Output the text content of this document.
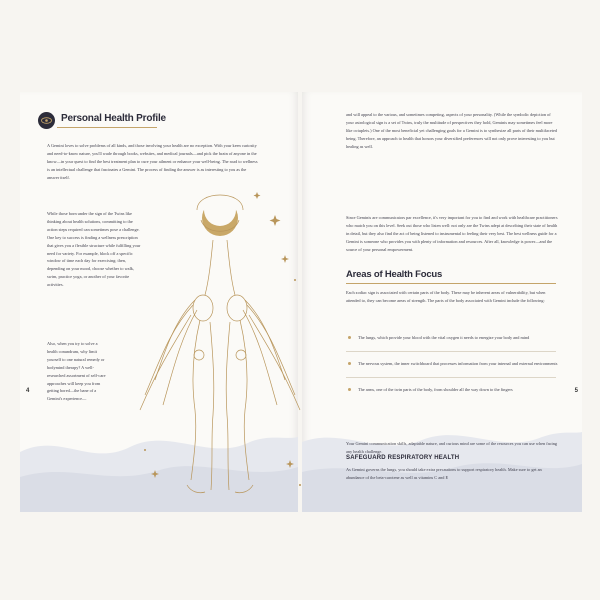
4	5
Personal Health Profile

A Gemini loves to solve problems of all kinds, and those involving your health are no exception. With your keen curiosity and need-to-know nature, you'll wade through books, websites, and medical journals—and pick the brain of anyone in the know—in your quest to find the best treatment plan to cure your ailment or enhance your well-being. The road to wellness is an intellectual challenge that fascinates a Gemini. The process of finding the answer is as interesting to you as the answer itself.

While those born under the sign of the Twins like thinking about health solutions, committing to the action steps required can sometimes pose a challenge. One key to success is finding a wellness prescription that gives you a flexible structure while fulfilling your need for variety. For example, block off a specific window of time each day for exercising; then, depending on your mood, choose whether to walk, swim, practice yoga, or another of your favorite activities.

Also, when you try to solve a health conundrum, why limit yourself to one natural remedy or bodymind therapy? A well-researched assortment of self-care approaches will keep you from getting bored—the bane of a Gemini's experience—

and will appeal to the various, and sometimes competing, aspects of your personality. (While the symbolic depiction of your astrological sign is a set of Twins, truly the multitude of perspectives they hold, Geminis may sometimes feel more like octuplets.) One of the most beneficial yet challenging goals for a Gemini is to synthesize all parts of their multifaceted being. Therefore, an approach to health that honors your diversified preferences will not only prove interesting to you but healing as well.

Since Geminis are communicators par excellence, it's very important for you to find and work with healthcare practitioners who match you on this level. Seek out those who listen well: not only are the Twins adept at describing their state of health in detail, but they also find the act of being listened to instrumental to feeling their very best. The best wellness guide for a Gemini is someone who provides you with plenty of information and resources. After all, knowledge is power—and the source of your personal empowerment.

Areas of Health Focus

Each zodiac sign is associated with certain parts of the body. These may be inherent areas of vulnerability, but when attended to, they can become areas of strength. The parts of the body associated with Gemini include the following:

The lungs, which provide your blood with the vital oxygen it needs to energize your body and mind
The nervous system, the inner switchboard that processes information from your internal and external environments
The arms, one of the twin parts of the body, from shoulder all the way down to the fingers

Your Gemini communication skills, adaptable nature, and curious mind are some of the resources you can use when facing any health challenge.

SAFEGUARD RESPIRATORY HEALTH

As Gemini governs the lungs, you should take extra precautions to support respiratory health. Make sure to get an abundance of the beta-carotene as well as vitamins C and E
